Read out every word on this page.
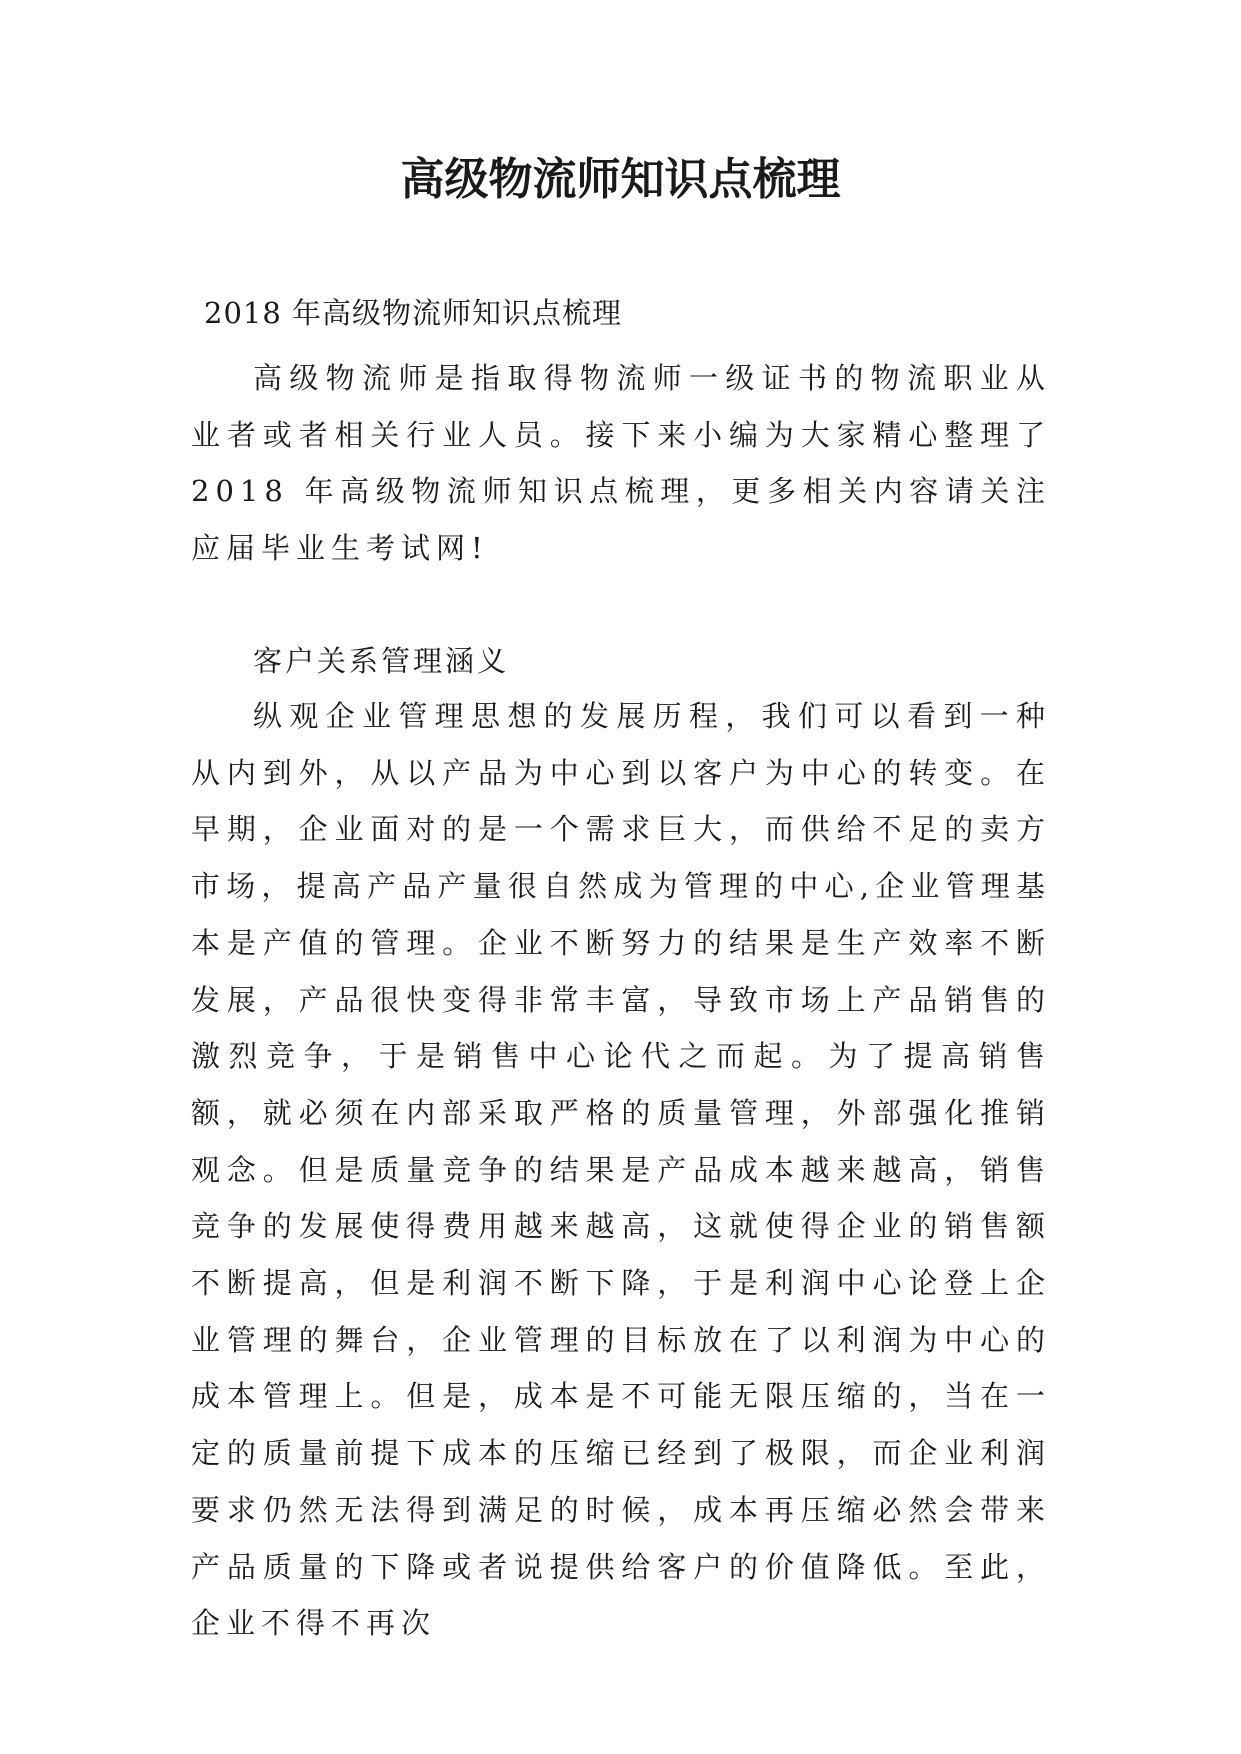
高级物流师知识点梳理

2018 年高级物流师知识点梳理

高级物流师是指取得物流师一级证书的物流职业从业者或者相关行业人员。接下来小编为大家精心整理了 2018 年高级物流师知识点梳理，更多相关内容请关注应届毕业生考试网!

客户关系管理涵义

纵观企业管理思想的发展历程，我们可以看到一种从内到外，从以产品为中心到以客户为中心的转变。在早期，企业面对的是一个需求巨大，而供给不足的卖方市场，提高产品产量很自然成为管理的中心,企业管理基本是产值的管理。企业不断努力的结果是生产效率不断发展，产品很快变得非常丰富，导致市场上产品销售的激烈竞争，于是销售中心论代之而起。为了提高销售额，就必须在内部采取严格的质量管理，外部强化推销观念。但是质量竞争的结果是产品成本越来越高，销售竞争的发展使得费用越来越高，这就使得企业的销售额不断提高，但是利润不断下降，于是利润中心论登上企业管理的舞台，企业管理的目标放在了以利润为中心的成本管理上。但是，成本是不可能无限压缩的，当在一定的质量前提下成本的压缩已经到了极限，而企业利润要求仍然无法得到满足的时候，成本再压缩必然会带来产品质量的下降或者说提供给客户的价值降低。至此，企业不得不再次
